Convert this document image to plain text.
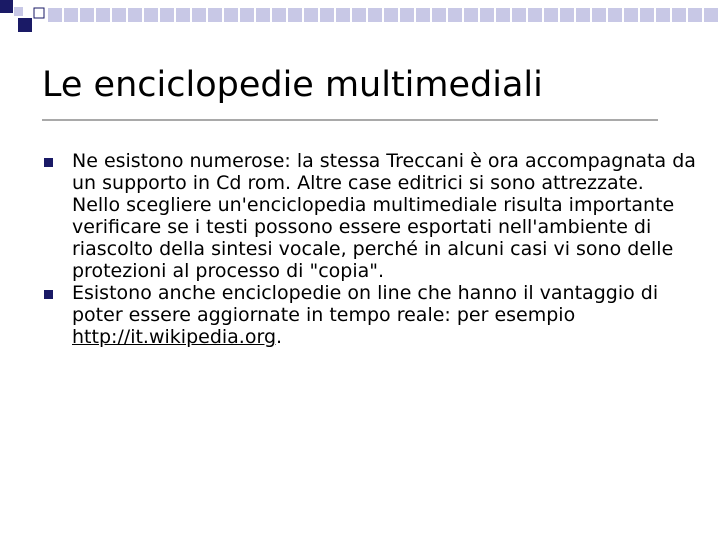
Le enciclopedie multimediali
Ne esistono numerose: la stessa Treccani è ora accompagnata da un supporto in Cd rom. Altre case editrici si sono attrezzate.
Nello scegliere un'enciclopedia multimediale risulta importante verificare se i testi possono essere esportati nell'ambiente di riascolto della sintesi vocale, perché in alcuni casi vi sono delle protezioni al processo di "copia".
Esistono anche enciclopedie on line che hanno il vantaggio di poter essere aggiornate in tempo reale: per esempio http://it.wikipedia.org.
